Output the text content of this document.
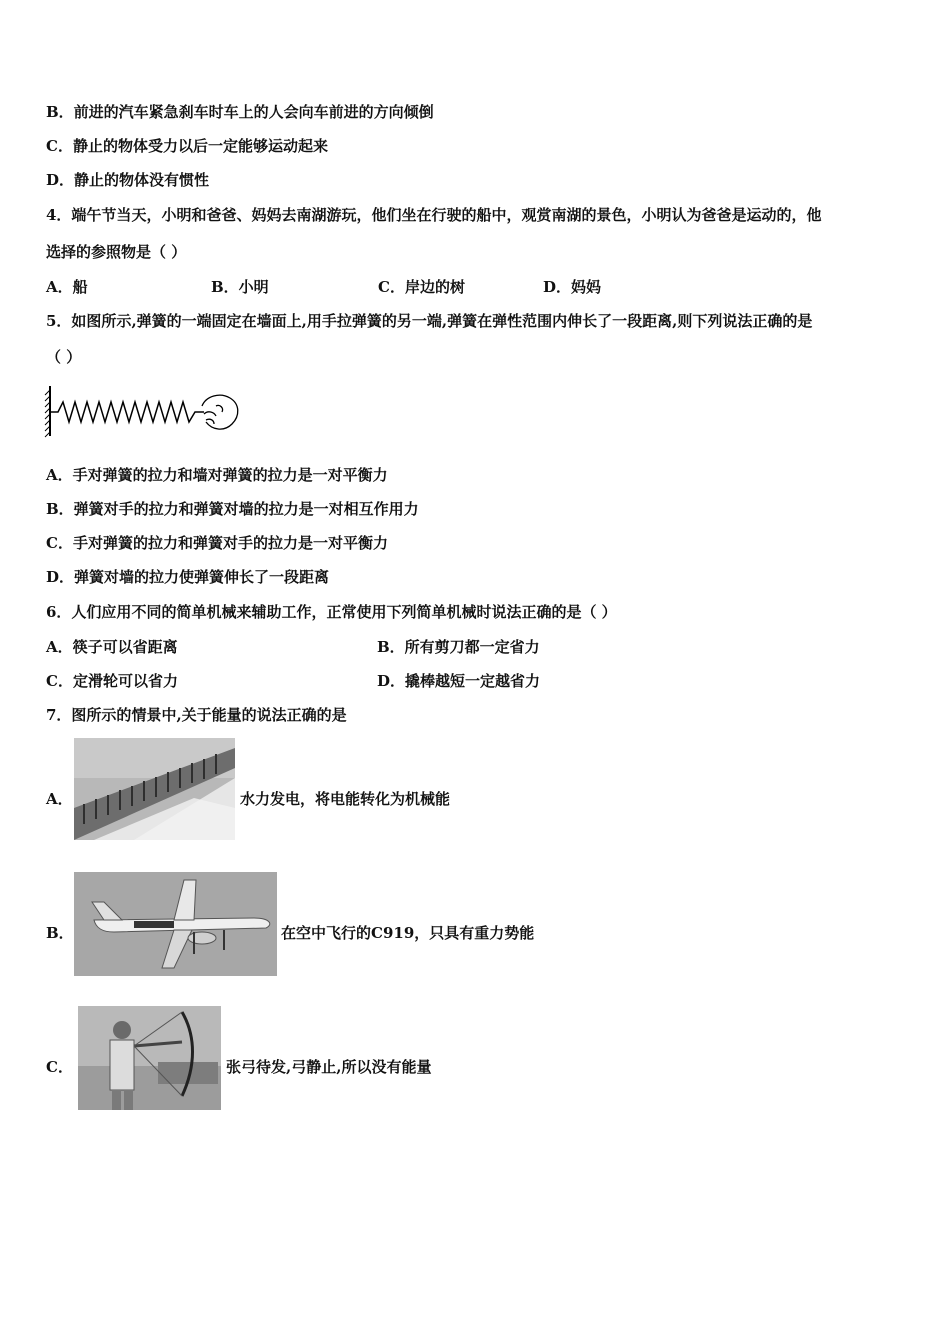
B．前进的汽车紧急刹车时车上的人会向车前进的方向倾倒
C．静止的物体受力以后一定能够运动起来
D．静止的物体没有惯性
4．端午节当天，小明和爸爸、妈妈去南湖游玩，他们坐在行驶的船中，观赏南湖的景色，小明认为爸爸是运动的，他
选择的参照物是（ ）
A．船	B．小明	C．岸边的树	D．妈妈
5．如图所示,弹簧的一端固定在墙面上,用手拉弹簧的另一端,弹簧在弹性范围内伸长了一段距离,则下列说法正确的是
（ ）
A．手对弹簧的拉力和墙对弹簧的拉力是一对平衡力
B．弹簧对手的拉力和弹簧对墙的拉力是一对相互作用力
C．手对弹簧的拉力和弹簧对手的拉力是一对平衡力
D．弹簧对墙的拉力使弹簧伸长了一段距离
6．人们应用不同的简单机械来辅助工作，正常使用下列简单机械时说法正确的是（ ）
A．筷子可以省距离	B．所有剪刀都一定省力
C．定滑轮可以省力	D．撬棒越短一定越省力
7．图所示的情景中,关于能量的说法正确的是
A．	水力发电，将电能转化为机械能
B．	在空中飞行的C919，只具有重力势能
C．	张弓待发,弓静止,所以没有能量
